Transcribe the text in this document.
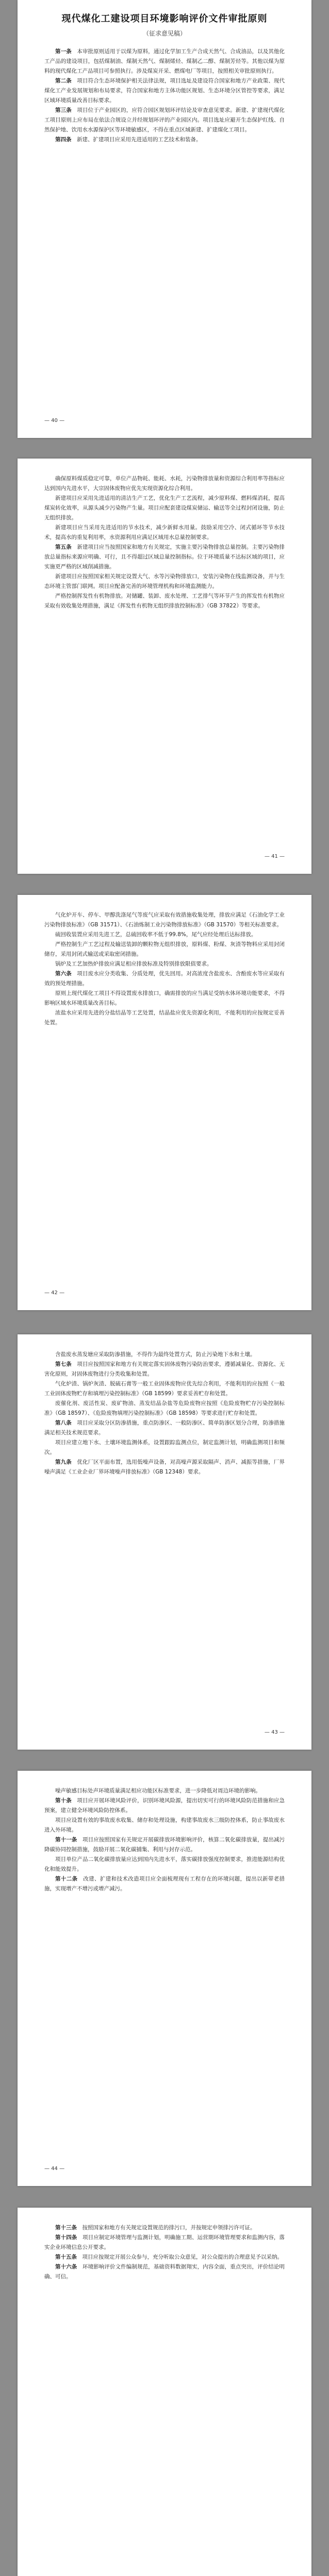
现代煤化工建设项目环境影响评价文件审批原则
（征求意见稿）

第一条　 本审批原则适用于以煤为原料，通过化学加工生产合成天然气、合成油品，以及其他化工产品的建设项目，包括煤制油、煤制天然气、煤制烯烃、煤制乙二醇、煤制芳烃等。其他以煤为原料的现代煤化工产品项目可参照执行。涉及煤炭开采、燃煤电厂等项目，按照相关审批原则执行。

第二条　 项目符合生态环境保护相关法律法规，项目选址及建设符合国家和地方产业政策、现代煤化工产业发展规划和布局要求，符合国家和地方主体功能区规划、生态环境分区管控等要求，满足区域环境质量改善目标要求。

第三条　 项目位于产业园区的，应符合园区规划环评结论及审查意见要求。新建、扩建现代煤化工项目原则上应布局在依法合规设立并经规划环评的产业园区内。项目选址应避开生态保护红线、自然保护地、饮用水水源保护区等环境敏感区，不得在重点区域新建、扩建煤化工项目。

第四条　 新建、扩建项目应采用先进适用的工艺技术和装备。

— 40 —

确保原料煤质稳定可靠，单位产品物耗、能耗、水耗，污染物排放量和资源综合利用率等指标应达到国内先进水平，大宗固体废物应优先实现资源化综合利用。

新建项目应采用先进适用的清洁生产工艺，优化生产工艺流程，减少原料煤、燃料煤消耗，提高煤炭转化效率，从源头减少污染物产生量。项目应配套建设煤炭储运、输送等全过程封闭设施，防止无组织排放。

新建项目应当采用先进适用的节水技术，减少新鲜水用量。鼓励采用空冷、闭式循环等节水技术，提高水的重复利用率，水资源利用应满足区域用水总量控制要求。

第五条　 新建项目应当按照国家和地方有关规定，实施主要污染物排放总量控制。主要污染物排放总量指标来源应明确、可行，且不得超过区域总量控制指标。位于环境质量不达标区域的项目，应实施更严格的区域削减措施。

新建项目应按照国家相关规定设置大气、水等污染物排放口，安装污染物在线监测设备，并与生态环境主管部门联网。项目应配备完善的环境管理机构和环境监测能力。

严格控制挥发性有机物排放。对储罐、装卸、废水处理、工艺排气等环节产生的挥发性有机物应采取有效收集处理措施，满足《挥发性有机物无组织排放控制标准》（GB 37822）等要求。

— 41 —

气化炉开车、停车、甲醇洗涤尾气等废气应采取有效措施收集处理，排放应满足《石油化学工业污染物排放标准》（GB 31571）、《石油炼制工业污染物排放标准》（GB 31570）等相关标准要求。

硫回收装置应采用先进工艺，总硫回收率不低于99.8%，尾气应经处理后达标排放。

严格控制生产工艺过程及输送装卸的颗粒物无组织排放，原料煤、粉煤、灰渣等物料应采用封闭储存，采用封闭式输送或采取密闭措施。

锅炉及工艺加热炉排放应满足相应排放标准及特别排放限值要求。

第六条　 项目废水应分类收集、分质处理，优先回用。对高浓度含盐废水、含酚废水等应采取有效的预处理措施。

原则上现代煤化工项目不得设置废水排放口，确需排放的应当满足受纳水体环境功能要求，不得影响区域水环境质量改善目标。

浓盐水应采用先进的分盐结晶等工艺处置，结晶盐应优先资源化利用，不能利用的应按规定妥善处置。

— 42 —

含盐废水蒸发塘应采取防渗措施，不得作为最终处置方式，防止污染地下水和土壤。

第七条　 项目应按照国家和地方有关规定落实固体废物污染防治要求，遵循减量化、资源化、无害化原则，对固体废物进行分类收集和处置。

气化炉渣、锅炉灰渣、脱硫石膏等一般工业固体废物应优先综合利用，不能利用的应按照《一般工业固体废物贮存和填埋污染控制标准》（GB 18599）要求妥善贮存和处置。

废催化剂、废活性炭、废矿物油、蒸发结晶杂盐等危险废物应按照《危险废物贮存污染控制标准》（GB 18597）、《危险废物填埋污染控制标准》（GB 18598）等要求进行贮存和处置。

第八条　 项目应采取分区防渗措施，重点防渗区、一般防渗区、简单防渗区划分合理，防渗措施满足相关技术规范要求。

项目应建立地下水、土壤环境监测体系，设置跟踪监测点位，制定监测计划，明确监测项目和频次。

第九条　 优化厂区平面布置，选用低噪声设备，对高噪声源采取隔声、消声、减振等措施，厂界噪声满足《工业企业厂界环境噪声排放标准》（GB 12348）要求。

— 43 —

噪声敏感目标处声环境质量满足相应功能区标准要求，进一步降低对周边环境的影响。

第十条　 项目应开展环境风险评价，识别环境风险源，提出切实可行的环境风险防范措施和应急预案，建立健全环境风险防控体系。

项目应设置有效的事故废水收集、储存和处理设施，构建事故废水三级防控体系，防止事故废水进入外环境。

第十一条　 项目应按照国家有关规定开展碳排放环境影响评价，核算二氧化碳排放量，提出减污降碳协同控制措施，鼓励开展二氧化碳捕集、利用与封存示范。

项目单位产品二氧化碳排放量应达到国内先进水平，落实碳排放强度控制要求，推进能源结构优化和能效提升。

第十二条　 改建、扩建和技术改造项目应全面梳理现有工程存在的环境问题，提出以新带老措施，实现增产不增污或增产减污。

— 44 —

第十三条　 按照国家和地方有关规定设置规范的排污口，并按规定申领排污许可证。

第十四条　 项目应制定环境管理与监测计划，明确施工期、运营期环境管理要求和监测内容，落实企业环境信息公开要求。

第十五条　 项目应按规定开展公众参与，充分听取公众意见，对公众提出的合理意见予以采纳。

第十六条　 环境影响评价文件编制规范，基础资料数据翔实，内容全面，重点突出，评价结论明确、可信。
